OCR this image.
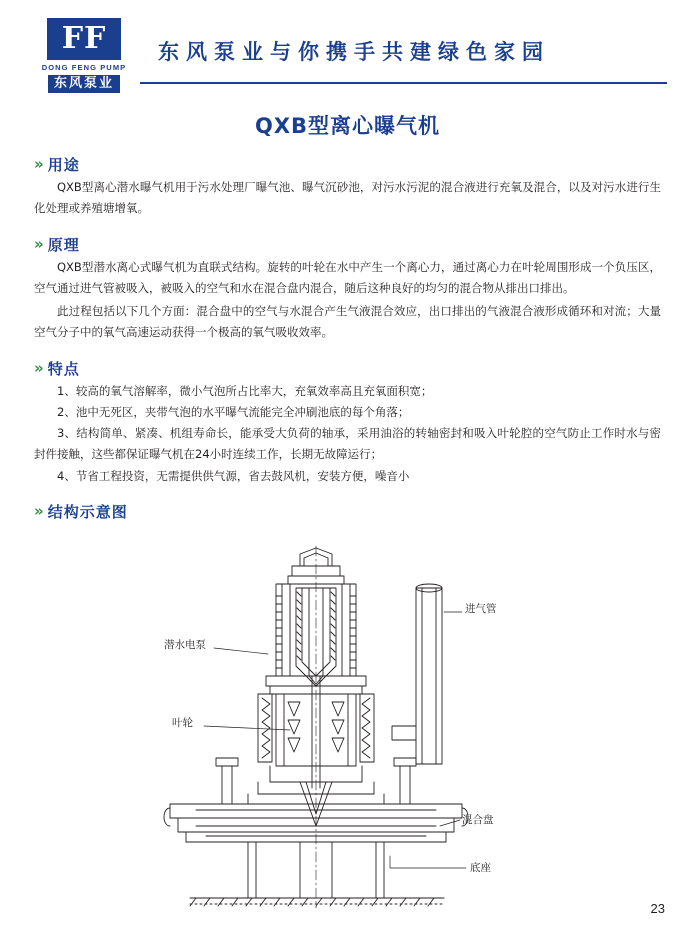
FF
DONG FENG PUMP
东风泵业
东风泵业与你携手共建绿色家园
QXB型离心曝气机
» 用途

QXB型离心潜水曝气机用于污水处理厂曝气池、曝气沉砂池，对污水污泥的混合液进行充氧及混合，以及对污水进行生化处理或养殖塘增氧。

» 原理

QXB型潜水离心式曝气机为直联式结构。旋转的叶轮在水中产生一个离心力，通过离心力在叶轮周围形成一个负压区，空气通过进气管被吸入，被吸入的空气和水在混合盘内混合，随后这种良好的均匀的混合物从排出口排出。

此过程包括以下几个方面：混合盘中的空气与水混合产生气液混合效应，出口排出的气液混合液形成循环和对流；大量空气分子中的氧气高速运动获得一个极高的氧气吸收效率。

» 特点

1、较高的氧气溶解率，微小气泡所占比率大，充氧效率高且充氧面积宽；

2、池中无死区，夹带气泡的水平曝气流能完全冲刷池底的每个角落；

3、结构简单、紧凑、机组寿命长，能承受大负荷的轴承，采用油浴的转轴密封和吸入叶轮腔的空气防止工作时水与密封件接触，这些都保证曝气机在24小时连续工作，长期无故障运行；

4、节省工程投资，无需提供供气源，省去鼓风机，安装方便，噪音小

» 结构示意图
潜水电泵
叶轮
进气管
混合盘
底座
23
